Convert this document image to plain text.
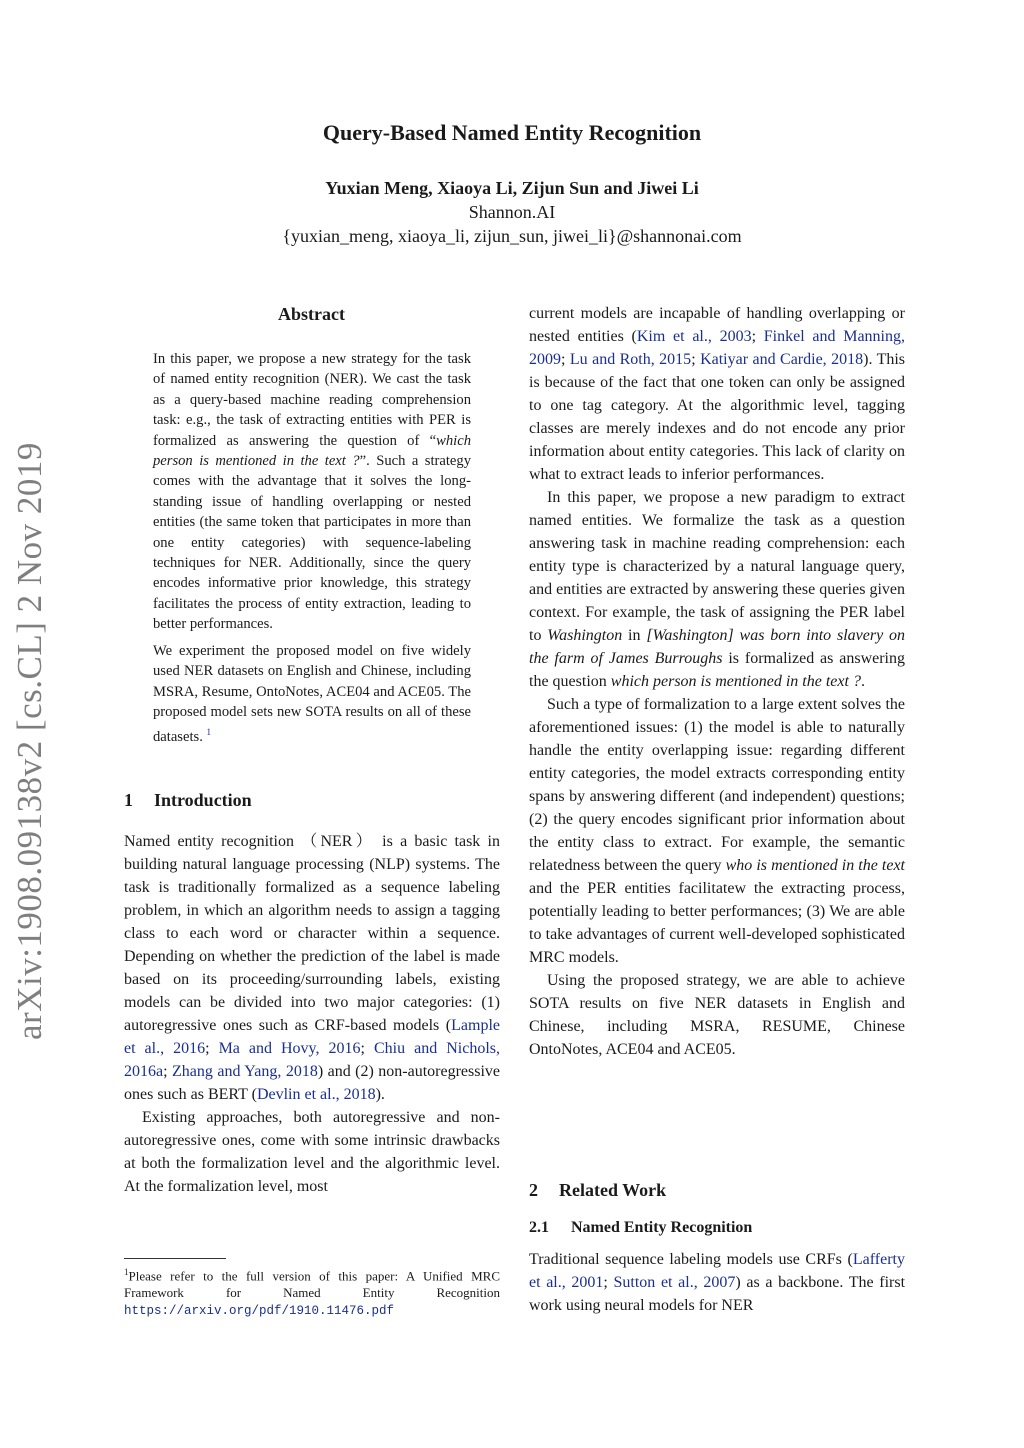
Query-Based Named Entity Recognition
Yuxian Meng, Xiaoya Li, Zijun Sun and Jiwei Li
Shannon.AI
{yuxian_meng, xiaoya_li, zijun_sun, jiwei_li}@shannonai.com
arXiv:1908.09138v2 [cs.CL] 2 Nov 2019
Abstract

In this paper, we propose a new strategy for the task of named entity recognition (NER). We cast the task as a query-based machine reading comprehension task: e.g., the task of extracting entities with PER is formalized as answering the question of “which person is mentioned in the text ?”. Such a strategy comes with the advantage that it solves the long-standing issue of handling overlapping or nested entities (the same token that participates in more than one entity categories) with sequence-labeling techniques for NER. Additionally, since the query encodes informative prior knowledge, this strategy facilitates the process of entity extraction, leading to better performances.

We experiment the proposed model on five widely used NER datasets on English and Chinese, including MSRA, Resume, OntoNotes, ACE04 and ACE05. The proposed model sets new SOTA results on all of these datasets. $^1$

1 Introduction

Named entity recognition （NER） is a basic task in building natural language processing (NLP) systems. The task is traditionally formalized as a sequence labeling problem, in which an algorithm needs to assign a tagging class to each word or character within a sequence. Depending on whether the prediction of the label is made based on its proceeding/surrounding labels, existing models can be divided into two major categories: (1) autoregressive ones such as CRF-based models (Lample et al., 2016; Ma and Hovy, 2016; Chiu and Nichols, 2016a; Zhang and Yang, 2018) and (2) non-autoregressive ones such as BERT (Devlin et al., 2018).

Existing approaches, both autoregressive and non-autoregressive ones, come with some intrinsic drawbacks at both the formalization level and the algorithmic level. At the formalization level, most

$^1$Please refer to the full version of this paper: A Unified MRC Framework for Named Entity Recognition https://arxiv.org/pdf/1910.11476.pdf

current models are incapable of handling overlapping or nested entities (Kim et al., 2003; Finkel and Manning, 2009; Lu and Roth, 2015; Katiyar and Cardie, 2018). This is because of the fact that one token can only be assigned to one tag category. At the algorithmic level, tagging classes are merely indexes and do not encode any prior information about entity categories. This lack of clarity on what to extract leads to inferior performances.

In this paper, we propose a new paradigm to extract named entities. We formalize the task as a question answering task in machine reading comprehension: each entity type is characterized by a natural language query, and entities are extracted by answering these queries given context. For example, the task of assigning the PER label to Washington in [Washington] was born into slavery on the farm of James Burroughs is formalized as answering the question which person is mentioned in the text ?.

Such a type of formalization to a large extent solves the aforementioned issues: (1) the model is able to naturally handle the entity overlapping issue: regarding different entity categories, the model extracts corresponding entity spans by answering different (and independent) questions; (2) the query encodes significant prior information about the entity class to extract. For example, the semantic relatedness between the query who is mentioned in the text and the PER entities facilitatew the extracting process, potentially leading to better performances; (3) We are able to take advantages of current well-developed sophisticated MRC models.

Using the proposed strategy, we are able to achieve SOTA results on five NER datasets in English and Chinese, including MSRA, RESUME, Chinese OntoNotes, ACE04 and ACE05.

2 Related Work
2.1 Named Entity Recognition

Traditional sequence labeling models use CRFs (Lafferty et al., 2001; Sutton et al., 2007) as a backbone. The first work using neural models for NER
